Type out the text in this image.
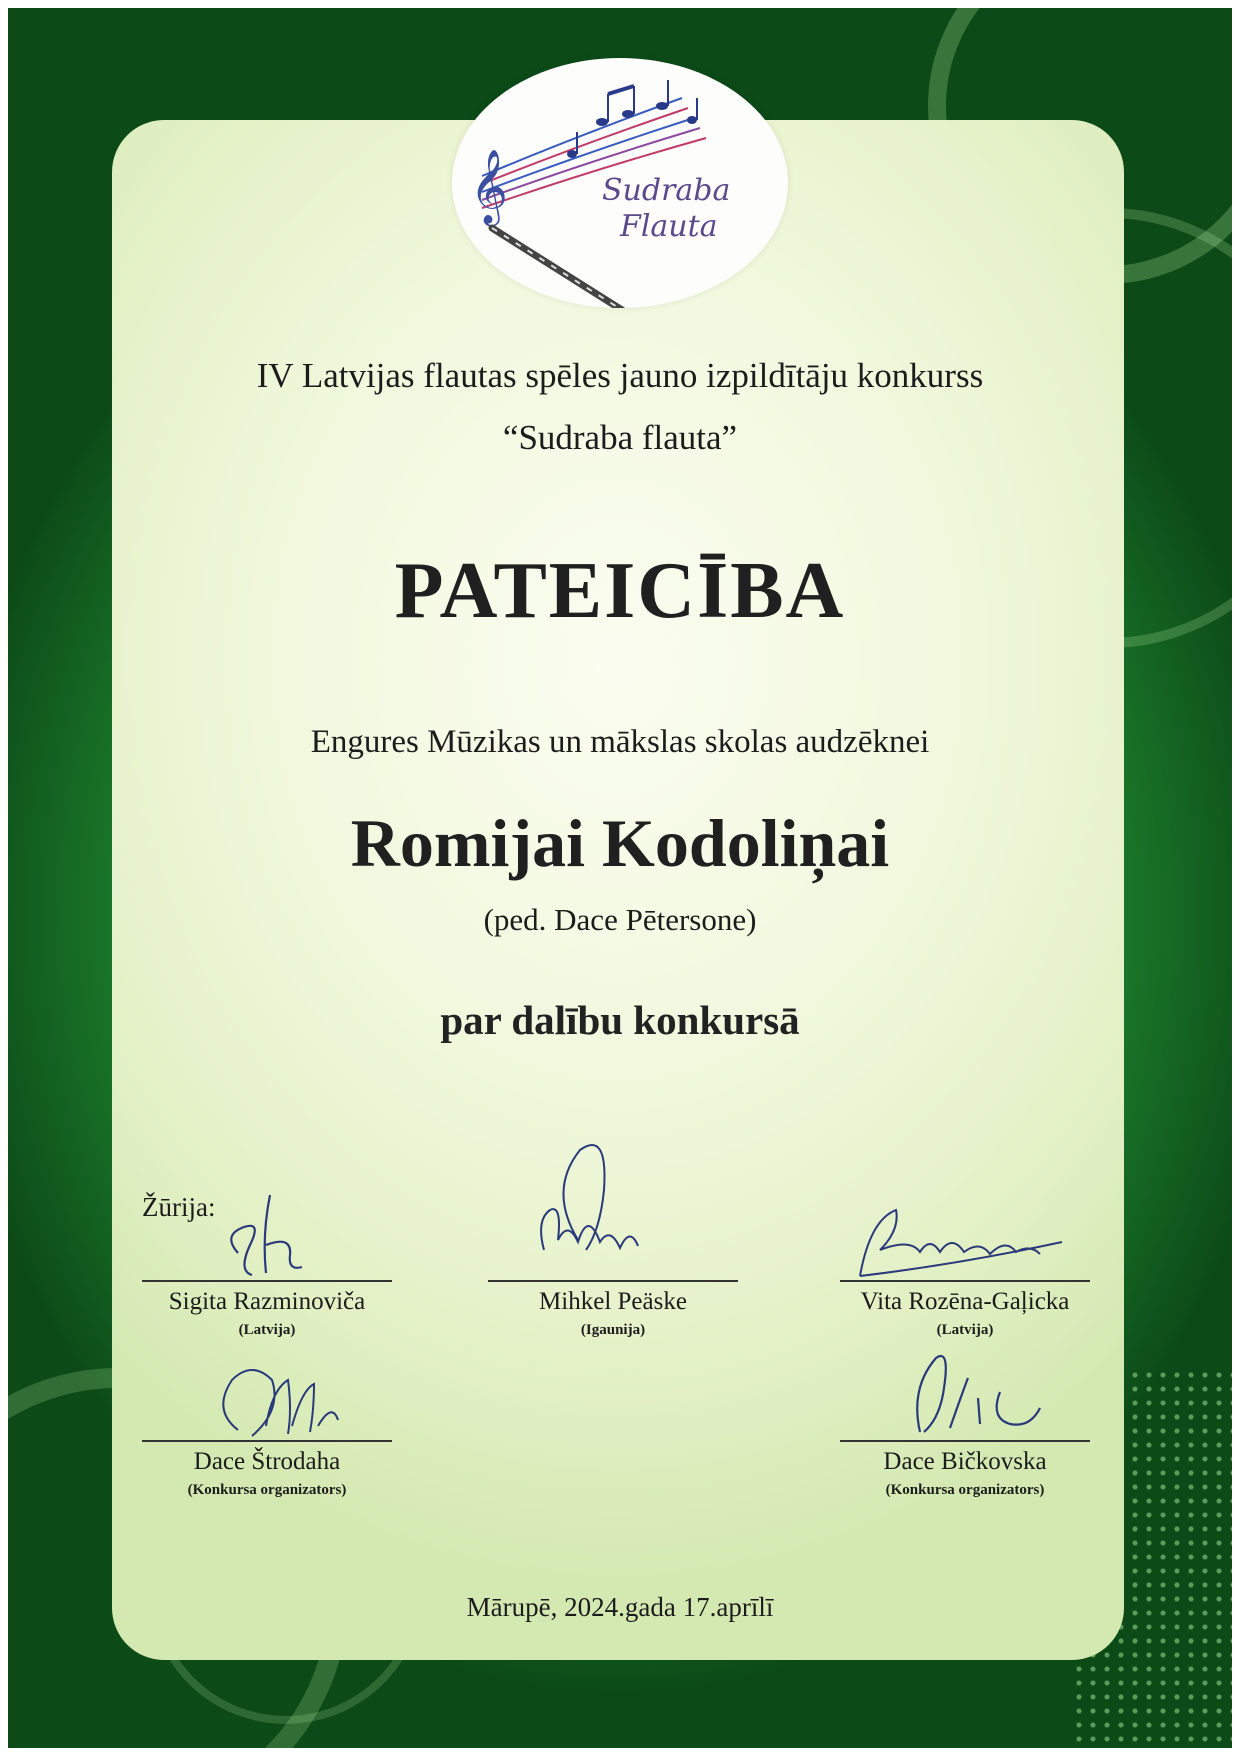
𝄞	Sudraba
Flauta
IV Latvijas flautas spēles jauno izpildītāju konkurss
“Sudraba flauta”
PATEICĪBA
Engures Mūzikas un mākslas skolas audzēknei
Romijai Kodoliņai
(ped. Dace Pētersone)
par dalību konkursā
Žūrija:
Sigita Razminoviča
(Latvija)
Mihkel Peäske
(Igaunija)
Vita Rozēna-Gaļicka
(Latvija)
Dace Štrodaha
(Konkursa organizators)
Dace Bičkovska
(Konkursa organizators)
Mārupē, 2024.gada 17.aprīlī
